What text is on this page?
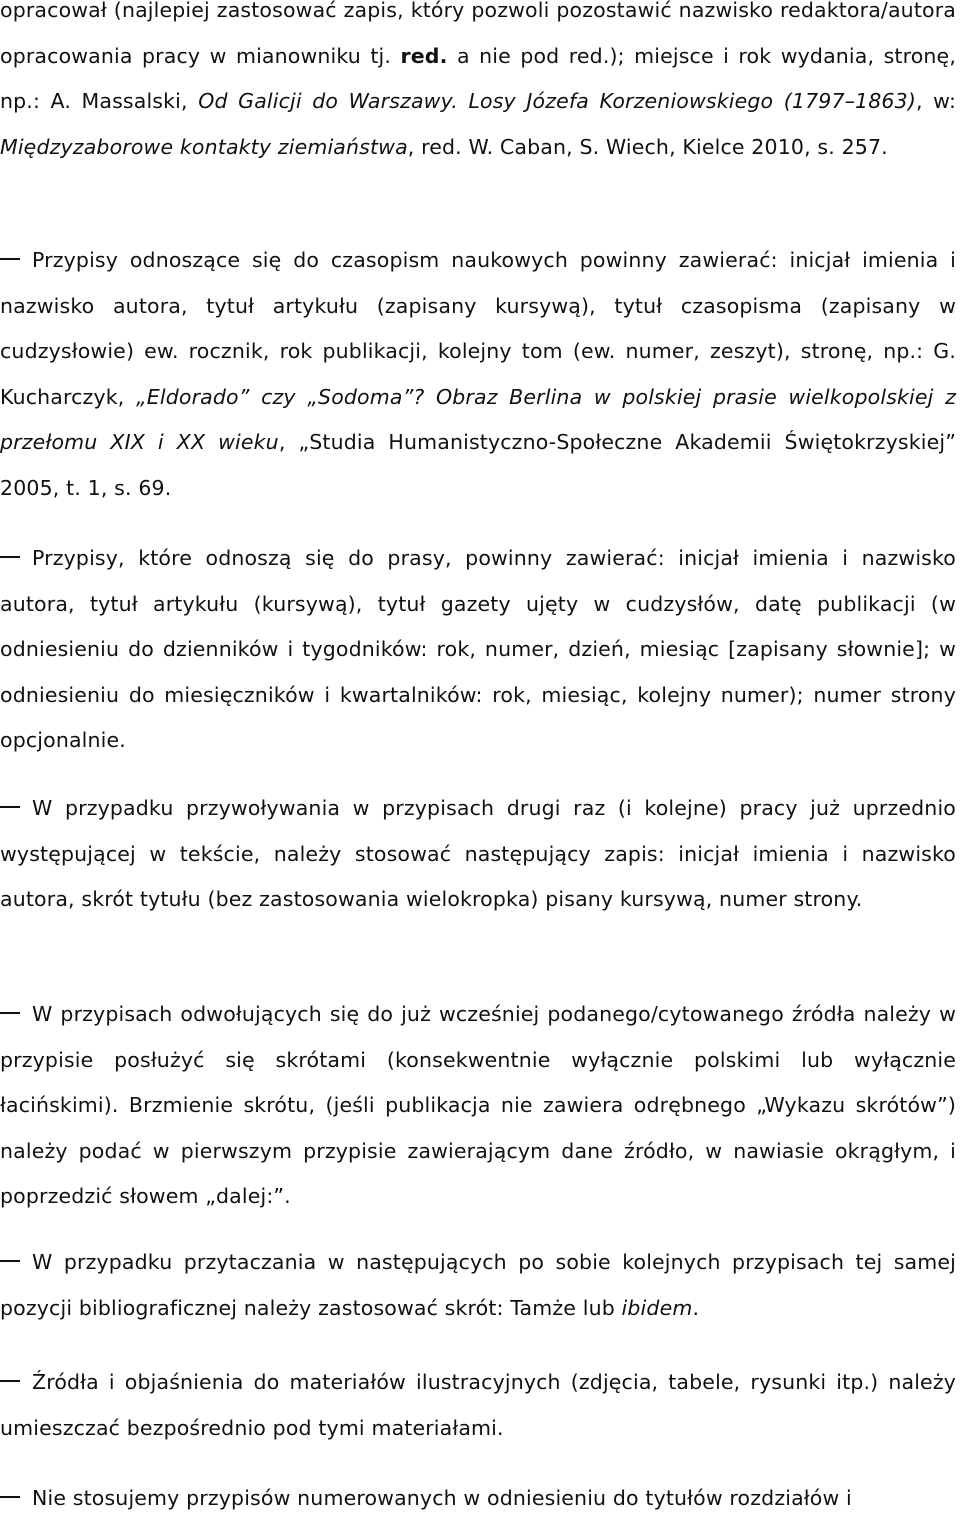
opracował (najlepiej zastosować zapis, który pozwoli pozostawić nazwisko redaktora/autora opracowania pracy w mianowniku tj. red. a nie pod red.); miejsce i rok wydania, stronę, np.: A. Massalski, Od Galicji do Warszawy. Losy Józefa Korzeniowskiego (1797–1863), w: Międzyzaborowe kontakty ziemiaństwa, red. W. Caban, S. Wiech, Kielce 2010, s. 257.

Przypisy odnoszące się do czasopism naukowych powinny zawierać: inicjał imienia i nazwisko autora, tytuł artykułu (zapisany kursywą), tytuł czasopisma (zapisany w cudzysłowie) ew. rocznik, rok publikacji, kolejny tom (ew. numer, zeszyt), stronę, np.: G. Kucharczyk, „Eldorado” czy „Sodoma”? Obraz Berlina w polskiej prasie wielkopolskiej z przełomu XIX i XX wieku, „Studia Humanistyczno-Społeczne Akademii Świętokrzyskiej” 2005, t. 1, s. 69.

Przypisy, które odnoszą się do prasy, powinny zawierać: inicjał imienia i nazwisko autora, tytuł artykułu (kursywą), tytuł gazety ujęty w cudzysłów, datę publikacji (w odniesieniu do dzienników i tygodników: rok, numer, dzień, miesiąc [zapisany słownie]; w odniesieniu do miesięczników i kwartalników: rok, miesiąc, kolejny numer); numer strony opcjonalnie.

W przypadku przywoływania w przypisach drugi raz (i kolejne) pracy już uprzednio występującej w tekście, należy stosować następujący zapis: inicjał imienia i nazwisko autora, skrót tytułu (bez zastosowania wielokropka) pisany kursywą, numer strony.

W przypisach odwołujących się do już wcześniej podanego/cytowanego źródła należy w przypisie posłużyć się skrótami (konsekwentnie wyłącznie polskimi lub wyłącznie łacińskimi). Brzmienie skrótu, (jeśli publikacja nie zawiera odrębnego „Wykazu skrótów”) należy podać w pierwszym przypisie zawierającym dane źródło, w nawiasie okrągłym, i poprzedzić słowem „dalej:”.

W przypadku przytaczania w następujących po sobie kolejnych przypisach tej samej pozycji bibliograficznej należy zastosować skrót: Tamże lub ibidem.

Źródła i objaśnienia do materiałów ilustracyjnych (zdjęcia, tabele, rysunki itp.) należy umieszczać bezpośrednio pod tymi materiałami.

Nie stosujemy przypisów numerowanych w odniesieniu do tytułów rozdziałów i
